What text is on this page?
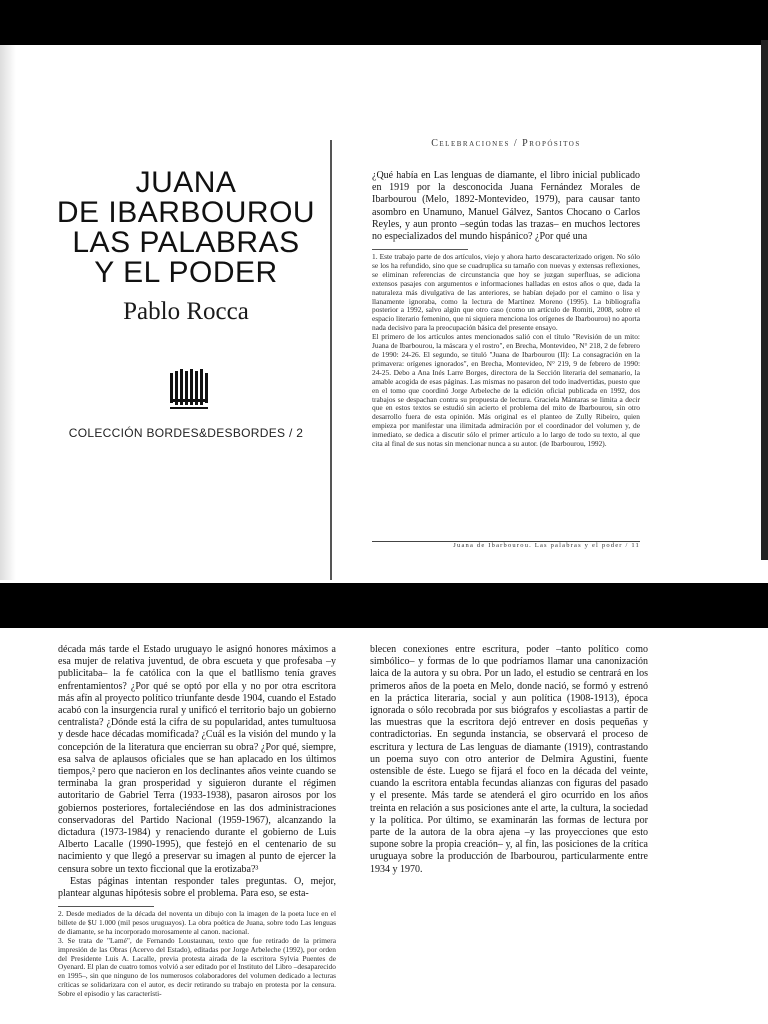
JUANA
DE IBARBOUROU
LAS PALABRAS
Y EL PODER
Pablo Rocca
COLECCIÓN BORDES&DESBORDES / 2
Celebraciones / Propósitos
¿Qué había en Las lenguas de diamante, el libro inicial publicado en 1919 por la desconocida Juana Fernández Morales de Ibarbourou (Melo, 1892-Montevideo, 1979), para causar tanto asombro en Unamuno, Manuel Gálvez, Santos Chocano o Carlos Reyles, y aun pronto –según todas las trazas– en muchos lectores no especializados del mundo hispánico? ¿Por qué una

1. Este trabajo parte de dos artículos, viejo y ahora harto descaracterizado origen. No sólo se los ha refundido, sino que se cuadruplica su tamaño con nuevas y extensas reflexiones, se eliminan referencias de circunstancia que hoy se juzgan superfluas, se adiciona extensos pasajes con argumentos e informaciones halladas en estos años o que, dada la naturaleza más divulgativa de las anteriores, se habían dejado por el camino o lisa y llanamente ignoraba, como la lectura de Martínez Moreno (1995). La bibliografía posterior a 1992, salvo algún que otro caso (como un artículo de Romiti, 2008, sobre el espacio literario femenino, que ni siquiera menciona los orígenes de Ibarbourou) no aporta nada decisivo para la preocupación básica del presente ensayo.

El primero de los artículos antes mencionados salió con el título "Revisión de un mito: Juana de Ibarbourou, la máscara y el rostro", en Brecha, Montevideo, N° 218, 2 de febrero de 1990: 24-26. El segundo, se tituló "Juana de Ibarbourou (II): La consagración en la primavera: orígenes ignorados", en Brecha, Montevideo, N° 219, 9 de febrero de 1990: 24-25. Debo a Ana Inés Larre Borges, directora de la Sección literaria del semanario, la amable acogida de esas páginas. Las mismas no pasaron del todo inadvertidas, puesto que en el tomo que coordinó Jorge Arbeleche de la edición oficial publicada en 1992, dos trabajos se despachan contra su propuesta de lectura. Graciela Mántaras se limita a decir que en estos textos se estudió sin acierto el problema del mito de Ibarbourou, sin otro desarrollo fuera de esta opinión. Más original es el planteo de Zully Ribeiro, quien empieza por manifestar una ilimitada admiración por el coordinador del volumen y, de inmediato, se dedica a discutir sólo el primer artículo a lo largo de todo su texto, al que cita al final de sus notas sin mencionar nunca a su autor. (de Ibarbourou, 1992).

Juana de Ibarbourou. Las palabras y el poder / 11

década más tarde el Estado uruguayo le asignó honores máximos a esa mujer de relativa juventud, de obra escueta y que profesaba –y publicitaba– la fe católica con la que el batllismo tenía graves enfrentamientos? ¿Por qué se optó por ella y no por otra escritora más afín al proyecto político triunfante desde 1904, cuando el Estado acabó con la insurgencia rural y unificó el territorio bajo un gobierno centralista? ¿Dónde está la cifra de su popularidad, antes tumultuosa y desde hace décadas momificada? ¿Cuál es la visión del mundo y la concepción de la literatura que encierran su obra? ¿Por qué, siempre, esa salva de aplausos oficiales que se han aplacado en los últimos tiempos,² pero que nacieron en los declinantes años veinte cuando se terminaba la gran prosperidad y siguieron durante el régimen autoritario de Gabriel Terra (1933-1938), pasaron airosos por los gobiernos posteriores, fortaleciéndose en las dos administraciones conservadoras del Partido Nacional (1959-1967), alcanzando la dictadura (1973-1984) y renaciendo durante el gobierno de Luis Alberto Lacalle (1990-1995), que festejó en el centenario de su nacimiento y que llegó a preservar su imagen al punto de ejercer la censura sobre un texto ficcional que la erotizaba?³

Estas páginas intentan responder tales preguntas. O, mejor, plantear algunas hipótesis sobre el problema. Para eso, se esta-

2. Desde mediados de la década del noventa un dibujo con la imagen de la poeta luce en el billete de $U 1.000 (mil pesos uruguayos). La obra poética de Juana, sobre todo Las lenguas de diamante, se ha incorporado morosamente al canon. nacional.

3. Se trata de "Lamé", de Fernando Loustaunau, texto que fue retirado de la primera impresión de las Obras (Acervo del Estado), editadas por Jorge Arbeleche (1992), por orden del Presidente Luis A. Lacalle, previa protesta airada de la escritora Sylvia Puentes de Oyenard. El plan de cuatro tomos volvió a ser editado por el Instituto del Libro –desaparecido en 1995–, sin que ninguno de los numerosos colaboradores del volumen dedicado a lecturas críticas se solidarizara con el autor, es decir retirando su trabajo en protesta por la censura. Sobre el episodio y las característi-

blecen conexiones entre escritura, poder –tanto político como simbólico– y formas de lo que podríamos llamar una canonización laica de la autora y su obra. Por un lado, el estudio se centrará en los primeros años de la poeta en Melo, donde nació, se formó y estrenó en la práctica literaria, social y aun política (1908-1913), época ignorada o sólo recobrada por sus biógrafos y escoliastas a partir de las muestras que la escritora dejó entrever en dosis pequeñas y contradictorias. En segunda instancia, se observará el proceso de escritura y lectura de Las lenguas de diamante (1919), contrastando un poema suyo con otro anterior de Delmira Agustini, fuente ostensible de éste. Luego se fijará el foco en la década del veinte, cuando la escritora entabla fecundas alianzas con figuras del pasado y el presente. Más tarde se atenderá el giro ocurrido en los años treinta en relación a sus posiciones ante el arte, la cultura, la sociedad y la política. Por último, se examinarán las formas de lectura por parte de la autora de la obra ajena –y las proyecciones que esto supone sobre la propia creación– y, al fin, las posiciones de la crítica uruguaya sobre la producción de Ibarbourou, particularmente entre 1934 y 1970.
